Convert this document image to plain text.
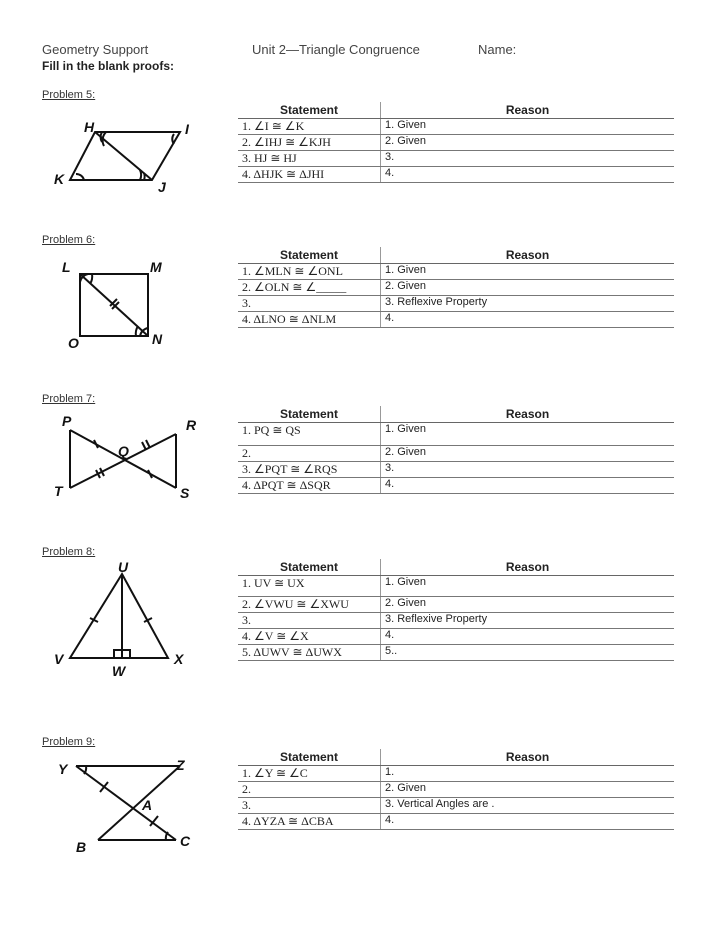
Geometry Support	Unit 2—Triangle Congruence	Name:
Fill in the blank proofs:
Problem 5:
H	I
K	J
Statement	Reason
1. ∠I ≅ ∠K	1. Given
2. ∠IHJ ≅ ∠KJH	2. Given
3. HJ ≅ HJ	3.
4. ΔHJK ≅ ΔJHI	4.
Problem 6:
L	M
O	N
Statement	Reason
1. ∠MLN ≅ ∠ONL	1. Given
2. ∠OLN ≅ ∠_____	2. Given
3.	3. Reflexive Property
4. ΔLNO ≅ ΔNLM	4.
Problem 7:
P	R
Q
T	S
Statement	Reason
1. PQ ≅ QS	1. Given
2.	2. Given
3. ∠PQT ≅ ∠RQS	3.
4. ΔPQT ≅ ΔSQR	4.
Problem 8:
U
V
W
X
Statement	Reason
1. UV ≅ UX	1. Given
2. ∠VWU ≅ ∠XWU	2. Given
3.	3. Reflexive Property
4. ∠V ≅ ∠X	4.
5. ΔUWV ≅ ΔUWX	5..
Problem 9:
Y	Z
A
B	C
Statement	Reason
1. ∠Y ≅ ∠C	1.
2.	2. Given
3.	3. Vertical Angles are .
4. ΔYZA ≅ ΔCBA	4.
